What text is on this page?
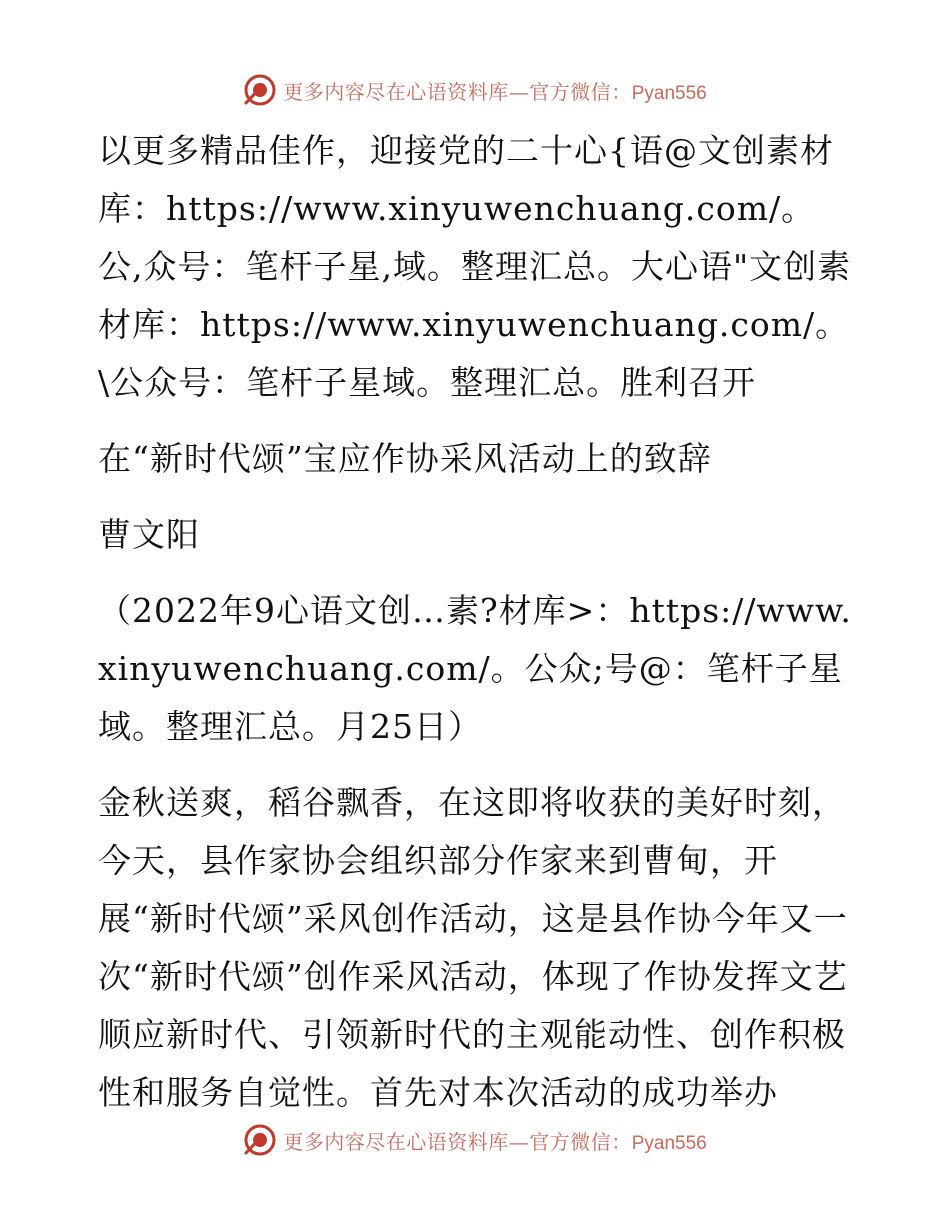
更多内容尽在心语资料库—官方微信：Pyan556

以更多精品佳作，迎接党的二十心{语@文创素材库：https://www.xinyuwenchuang.com/。公,众号：笔杆子星,域。整理汇总。大心语"文创素材库：https://www.xinyuwenchuang.com/。\公众号：笔杆子星域。整理汇总。胜利召开

在“新时代颂”宝应作协采风活动上的致辞

曹文阳

（2022年9心语文创…素?材库>：https://www.xinyuwenchuang.com/。公众;号@：笔杆子星域。整理汇总。月25日）

金秋送爽，稻谷飘香，在这即将收获的美好时刻，今天，县作家协会组织部分作家来到曹甸，开展“新时代颂”采风创作活动，这是县作协今年又一次“新时代颂”创作采风活动，体现了作协发挥文艺顺应新时代、引领新时代的主观能动性、创作积极性和服务自觉性。首先对本次活动的成功举办

更多内容尽在心语资料库—官方微信：Pyan556
